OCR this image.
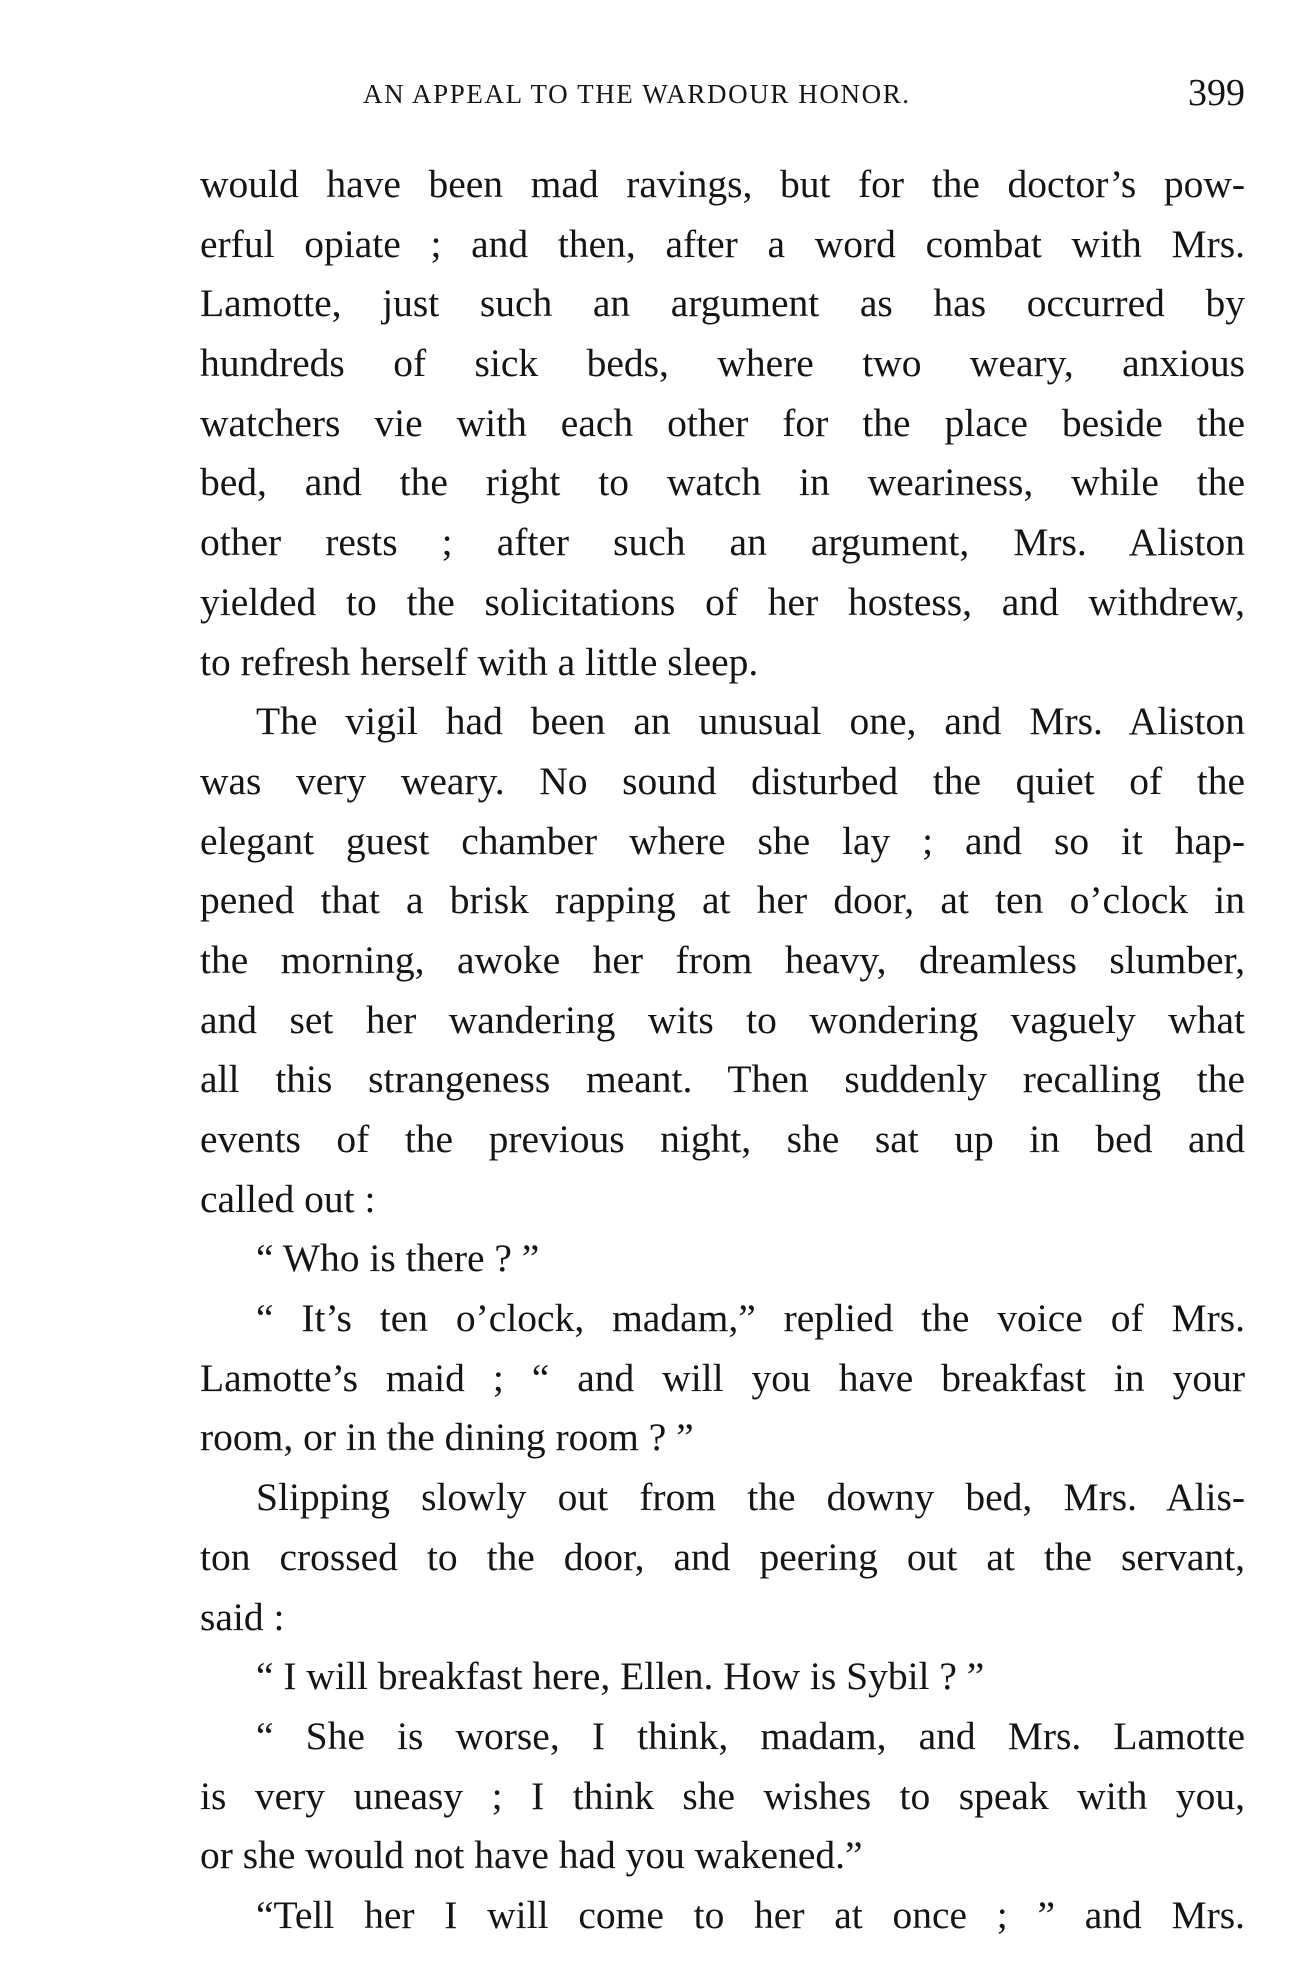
AN APPEAL TO THE WARDOUR HONOR.	399
would have been mad ravings, but for the doctor’s pow-
erful opiate ; and then, after a word combat with Mrs.
Lamotte, just such an argument as has occurred by
hundreds of sick beds, where two weary, anxious
watchers vie with each other for the place beside the
bed, and the right to watch in weariness, while the
other rests ; after such an argument, Mrs. Aliston
yielded to the solicitations of her hostess, and withdrew,
to refresh herself with a little sleep.
The vigil had been an unusual one, and Mrs. Aliston
was very weary. No sound disturbed the quiet of the
elegant guest chamber where she lay ; and so it hap-
pened that a brisk rapping at her door, at ten o’clock in
the morning, awoke her from heavy, dreamless slumber,
and set her wandering wits to wondering vaguely what
all this strangeness meant. Then suddenly recalling the
events of the previous night, she sat up in bed and
called out :
“ Who is there ? ”
“ It’s ten o’clock, madam,” replied the voice of Mrs.
Lamotte’s maid ; “ and will you have breakfast in your
room, or in the dining room ? ”
Slipping slowly out from the downy bed, Mrs. Alis-
ton crossed to the door, and peering out at the servant,
said :
“ I will breakfast here, Ellen. How is Sybil ? ”
“ She is worse, I think, madam, and Mrs. Lamotte
is very uneasy ; I think she wishes to speak with you,
or she would not have had you wakened.”
“Tell her I will come to her at once ; ” and Mrs.
